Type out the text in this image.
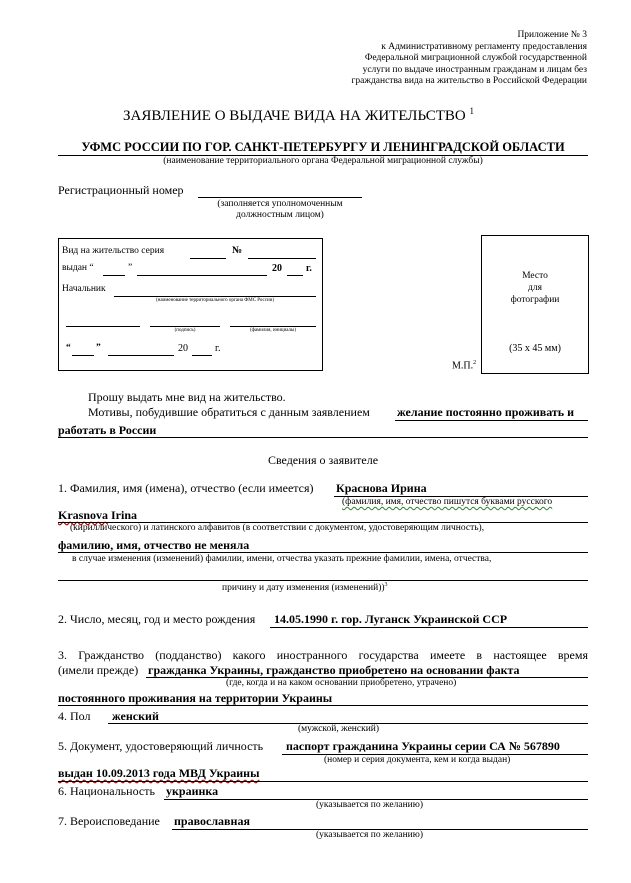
Приложение № 3
к Административному регламенту предоставления
Федеральной миграционной службой государственной
услуги по выдаче иностранным гражданам и лицам без
гражданства вида на жительство в Российской Федерации
ЗАЯВЛЕНИЕ О ВЫДАЧЕ ВИДА НА ЖИТЕЛЬСТВО $^1$
УФМС РОССИИ ПО ГОР. САНКТ-ПЕТЕРБУРГУ И ЛЕНИНГРАДСКОЙ ОБЛАСТИ
(наименование территориального органа Федеральной миграционной службы)
Регистрационный номер
(заполняется уполномоченным
должностным лицом)
Вид на жительство серия	№
выдан “	”	20 г.
Начальник
(наименование территориального органа ФМС России)
(подпись)	(фамилия, инициалы)
“	”	20	г.
Место
для
фотографии
(35 х 45 мм)
М.П.$^2$
Прошу выдать мне вид на жительство.
Мотивы, побудившие обратиться с данным заявлением желание постоянно проживать и
работать в России
Сведения о заявителе
1. Фамилия, имя (имена), отчество (если имеется) Краснова Ирина
(фамилия, имя, отчество пишутся буквами русского
Krasnova Irina
(кириллического) и латинского алфавитов (в соответствии с документом, удостоверяющим личность),
фамилию, имя, отчество не меняла
в случае изменения (изменений) фамилии, имени, отчества указать прежние фамилии, имена, отчества,
причину и дату изменения (изменений))$^3$
2. Число, месяц, год и место рождения 14.05.1990 г. гор. Луганск Украинской ССР
3. Гражданство (подданство) какого иностранного государства имеете в настоящее время
(имели прежде) гражданка Украины, гражданство приобретено на основании факта
(где, когда и на каком основании приобретено, утрачено)
постоянного проживания на территории Украины
4. Пол женский
(мужской, женский)
5. Документ, удостоверяющий личность паспорт гражданина Украины серии СА № 567890
(номер и серия документа, кем и когда выдан)
выдан 10.09.2013 года МВД Украины
6. Национальность украинка
(указывается по желанию)
7. Вероисповедание православная
(указывается по желанию)
